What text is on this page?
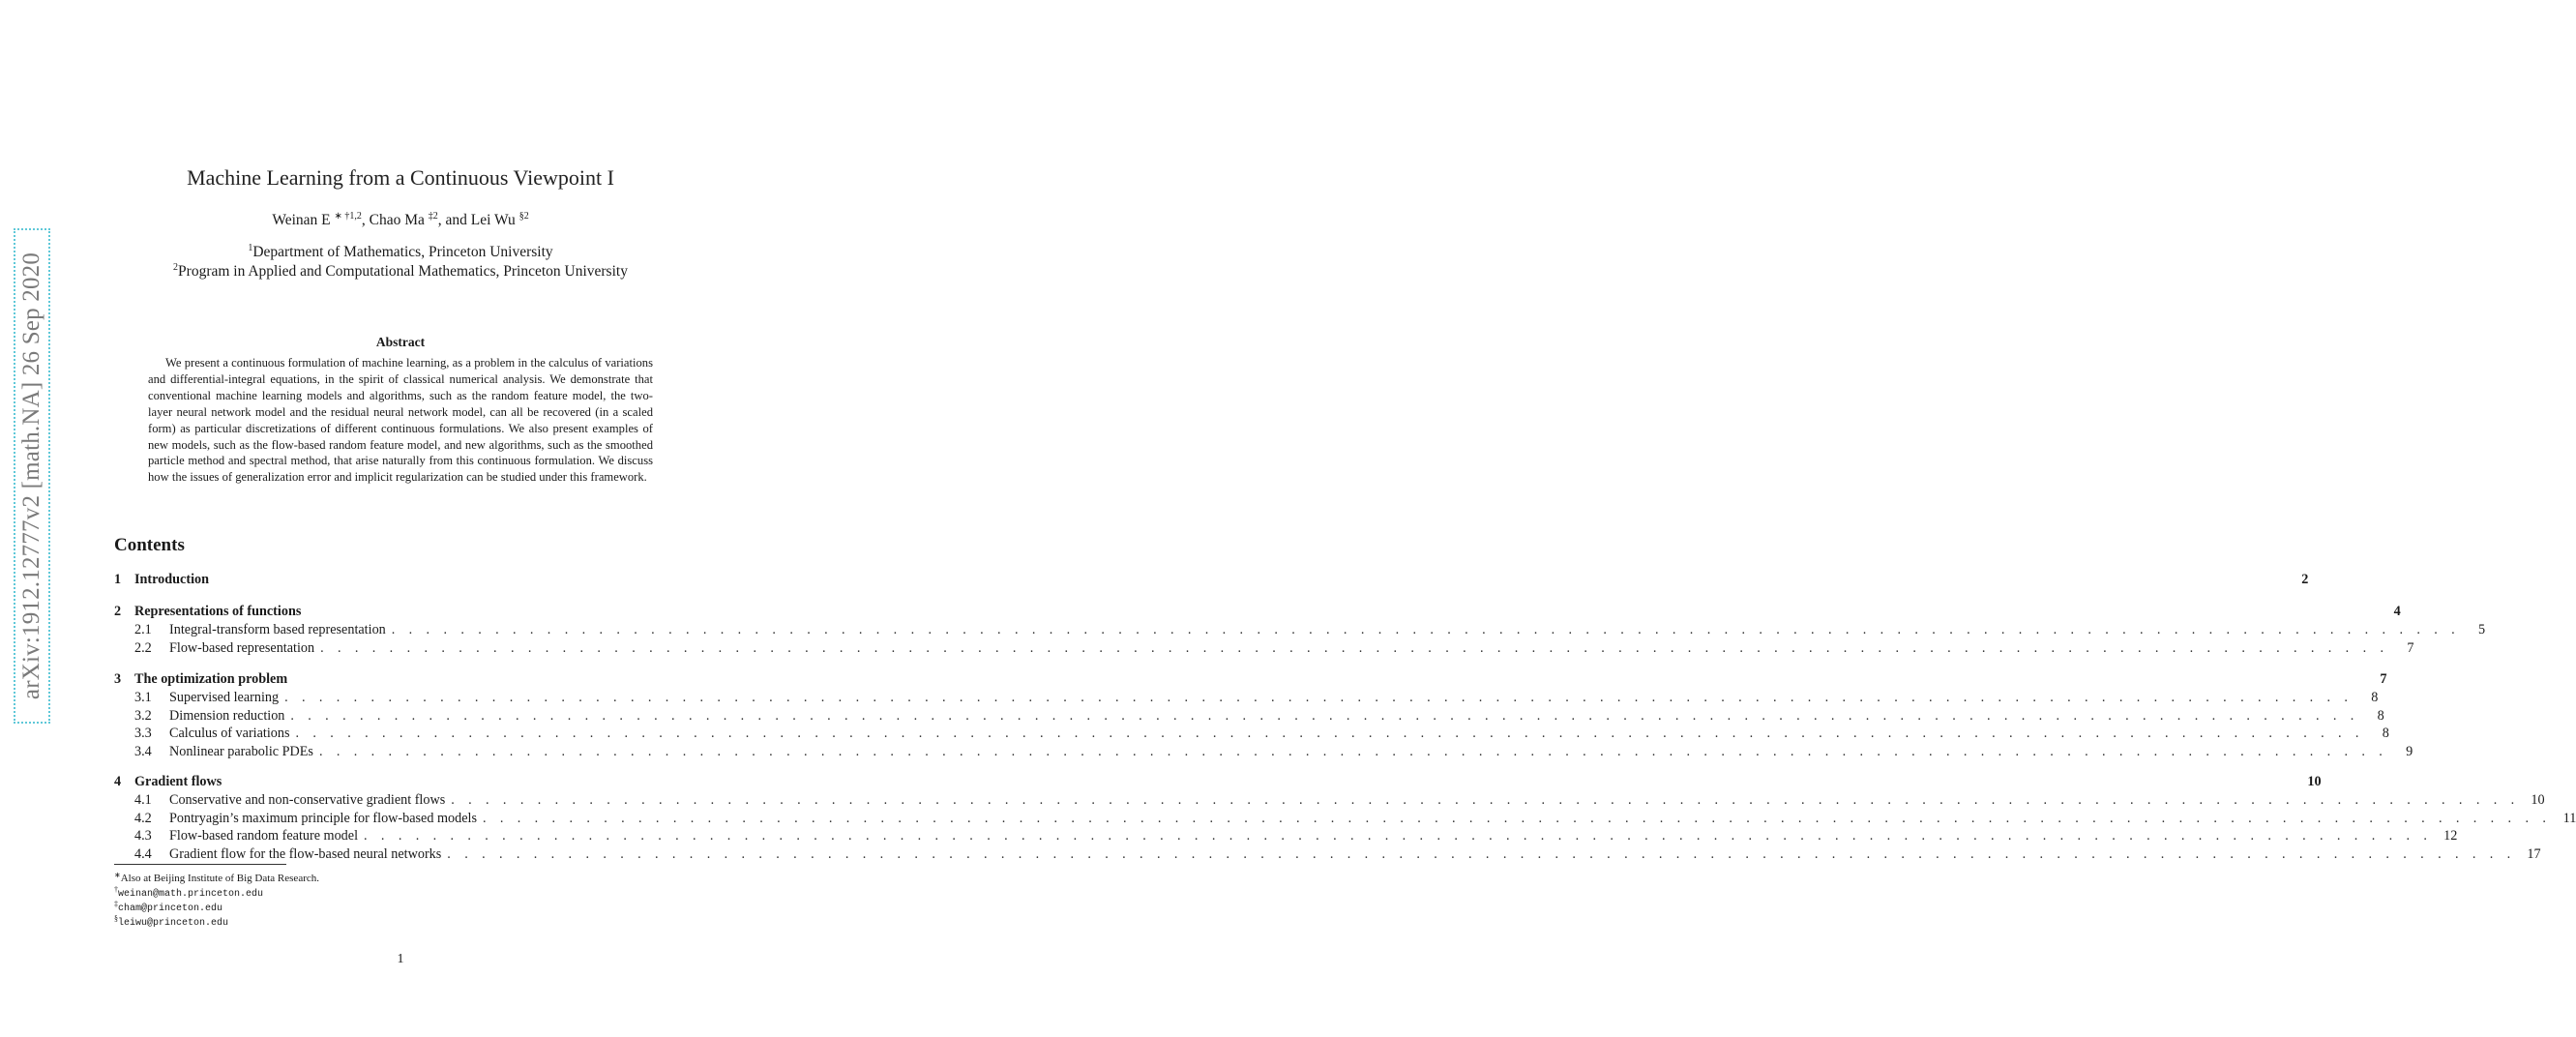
arXiv:1912.12777v2 [math.NA] 26 Sep 2020
Machine Learning from a Continuous Viewpoint I
Weinan E $^{∗ \dagger 1,2}$, Chao Ma $^{\ddagger 2}$, and Lei Wu $^{\S 2}$
$^1$Department of Mathematics, Princeton University
$^2$Program in Applied and Computational Mathematics, Princeton University
Abstract
We present a continuous formulation of machine learning, as a problem in the calculus of variations and differential-integral equations, in the spirit of classical numerical analysis. We demonstrate that conventional machine learning models and algorithms, such as the random feature model, the two-layer neural network model and the residual neural network model, can all be recovered (in a scaled form) as particular discretizations of different continuous formulations. We also present examples of new models, such as the flow-based random feature model, and new algorithms, such as the smoothed particle method and spectral method, that arise naturally from this continuous formulation. We discuss how the issues of generalization error and implicit regularization can be studied under this framework.
Contents
1 Introduction	2
2 Representations of functions	4
2.1	Integral-transform based representation . . . . . . . . . . . . . . . . . . . . . . . . . . . . . . . . . . . . . . . . . . . . . . . . . . . . . . . . . . . . . . . . . . . . . . . . . . . . . . . . . . . . . . . . . . . . . . . . . . . . . . . . . . . . . . . . . . . . . . . .	5
2.2	Flow-based representation . . . . . . . . . . . . . . . . . . . . . . . . . . . . . . . . . . . . . . . . . . . . . . . . . . . . . . . . . . . . . . . . . . . . . . . . . . . . . . . . . . . . . . . . . . . . . . . . . . . . . . . . . . . . . . . . . . . . . . . .	7
3 The optimization problem	7
3.1	Supervised learning . . . . . . . . . . . . . . . . . . . . . . . . . . . . . . . . . . . . . . . . . . . . . . . . . . . . . . . . . . . . . . . . . . . . . . . . . . . . . . . . . . . . . . . . . . . . . . . . . . . . . . . . . . . . . . . . . . . . . . . .	8
3.2	Dimension reduction . . . . . . . . . . . . . . . . . . . . . . . . . . . . . . . . . . . . . . . . . . . . . . . . . . . . . . . . . . . . . . . . . . . . . . . . . . . . . . . . . . . . . . . . . . . . . . . . . . . . . . . . . . . . . . . . . . . . . . . .	8
3.3	Calculus of variations . . . . . . . . . . . . . . . . . . . . . . . . . . . . . . . . . . . . . . . . . . . . . . . . . . . . . . . . . . . . . . . . . . . . . . . . . . . . . . . . . . . . . . . . . . . . . . . . . . . . . . . . . . . . . . . . . . . . . . . .	8
3.4	Nonlinear parabolic PDEs . . . . . . . . . . . . . . . . . . . . . . . . . . . . . . . . . . . . . . . . . . . . . . . . . . . . . . . . . . . . . . . . . . . . . . . . . . . . . . . . . . . . . . . . . . . . . . . . . . . . . . . . . . . . . . . . . . . . . . . .	9
4 Gradient flows	10
4.1	Conservative and non-conservative gradient flows . . . . . . . . . . . . . . . . . . . . . . . . . . . . . . . . . . . . . . . . . . . . . . . . . . . . . . . . . . . . . . . . . . . . . . . . . . . . . . . . . . . . . . . . . . . . . . . . . . . . . . . . . . . . . . . . . . . . . . . . 10
4.2	Pontryagin’s maximum principle for flow-based models . . . . . . . . . . . . . . . . . . . . . . . . . . . . . . . . . . . . . . . . . . . . . . . . . . . . . . . . . . . . . . . . . . . . . . . . . . . . . . . . . . . . . . . . . . . . . . . . . . . . . . . . . . . . . . . . . . . . . . . . 11
4.3	Flow-based random feature model . . . . . . . . . . . . . . . . . . . . . . . . . . . . . . . . . . . . . . . . . . . . . . . . . . . . . . . . . . . . . . . . . . . . . . . . . . . . . . . . . . . . . . . . . . . . . . . . . . . . . . . . . . . . . . . . . . . . . . . . 12
4.4	Gradient flow for the flow-based neural networks . . . . . . . . . . . . . . . . . . . . . . . . . . . . . . . . . . . . . . . . . . . . . . . . . . . . . . . . . . . . . . . . . . . . . . . . . . . . . . . . . . . . . . . . . . . . . . . . . . . . . . . . . . . . . . . . . . . . . . . . 17
∗Also at Beijing Institute of Big Data Research.
†weinan@math.princeton.edu
‡cham@princeton.edu
§leiwu@princeton.edu
1
